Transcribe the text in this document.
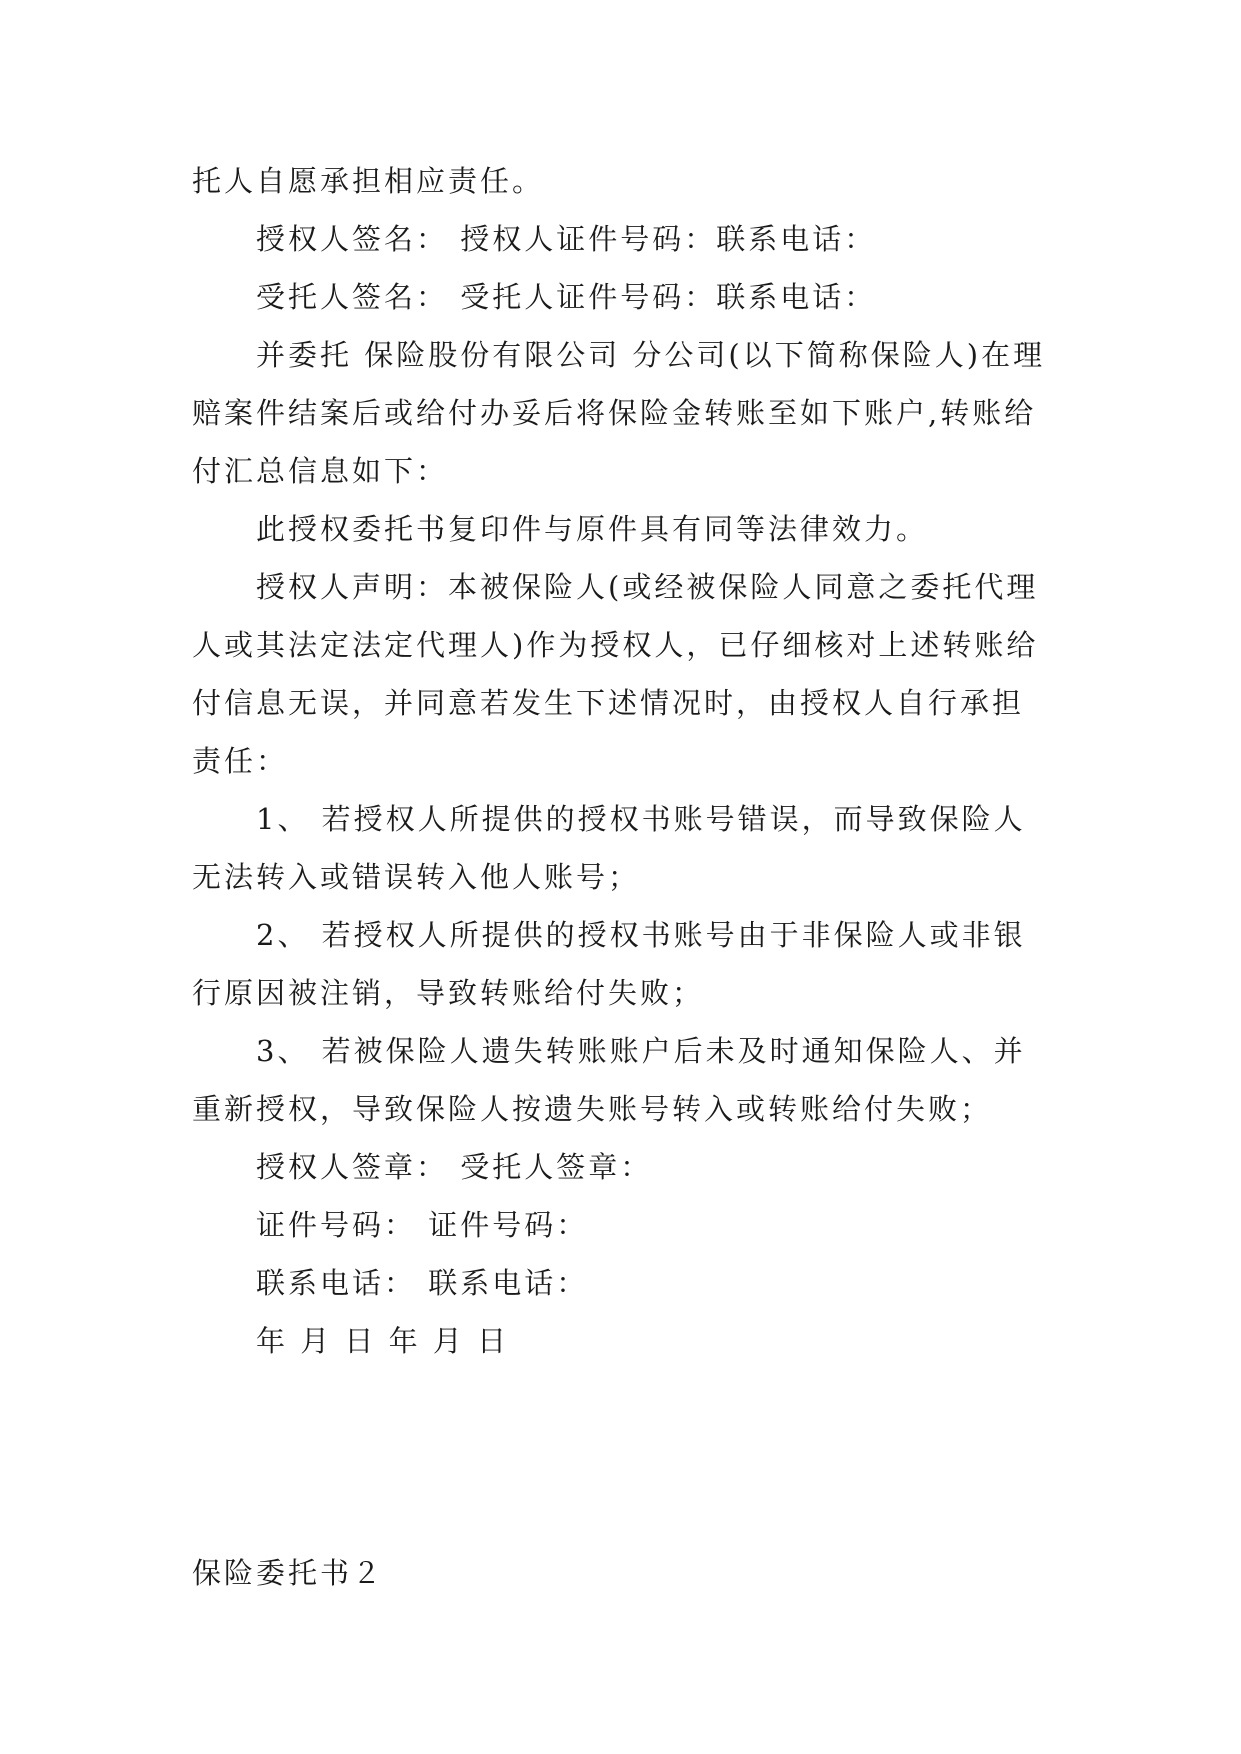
托人自愿承担相应责任。

授权人签名： 授权人证件号码：联系电话：

受托人签名： 受托人证件号码：联系电话：

并委托 保险股份有限公司 分公司(以下简称保险人)在理赔案件结案后或给付办妥后将保险金转账至如下账户,转账给付汇总信息如下：

此授权委托书复印件与原件具有同等法律效力。

授权人声明：本被保险人(或经被保险人同意之委托代理人或其法定法定代理人)作为授权人，已仔细核对上述转账给付信息无误，并同意若发生下述情况时，由授权人自行承担责任：

1、 若授权人所提供的授权书账号错误，而导致保险人无法转入或错误转入他人账号；

2、 若授权人所提供的授权书账号由于非保险人或非银行原因被注销，导致转账给付失败；

3、 若被保险人遗失转账账户后未及时通知保险人、并重新授权，导致保险人按遗失账号转入或转账给付失败；

授权人签章： 受托人签章：

证件号码： 证件号码：

联系电话： 联系电话：

年 月 日 年 月 日

保险委托书２
